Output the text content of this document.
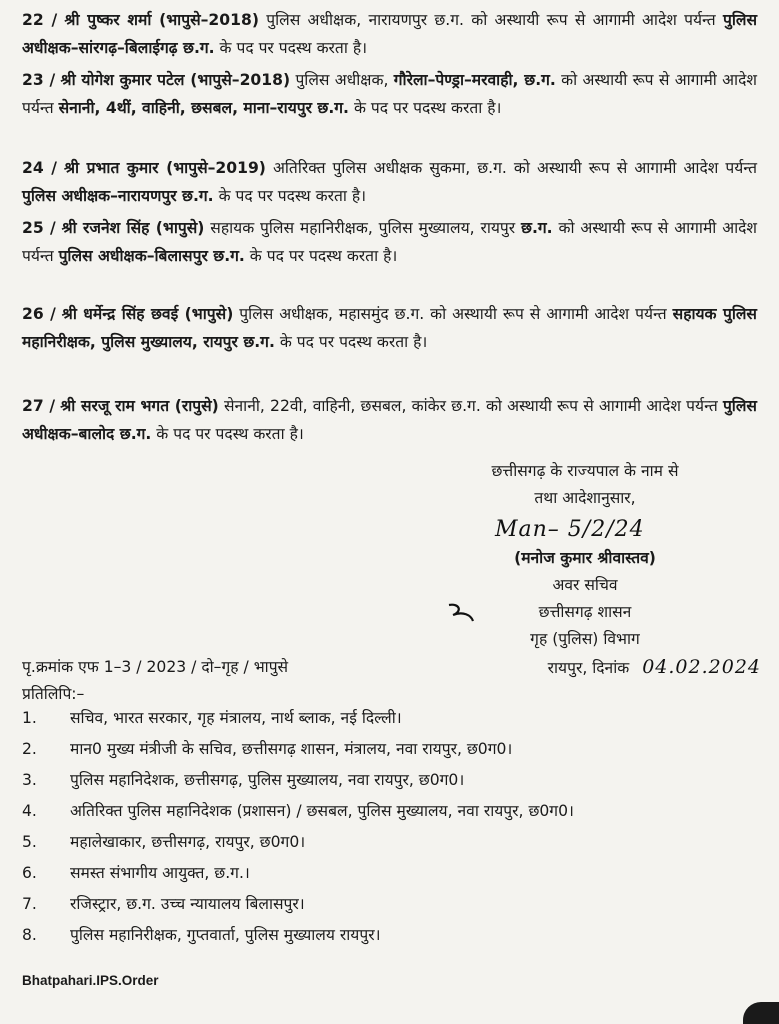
22 / श्री पुष्कर शर्मा (भापुसे–2018) पुलिस अधीक्षक, नारायणपुर छ.ग. को अस्थायी रूप से आगामी आदेश पर्यन्त पुलिस अधीक्षक–सांरगढ़–बिलाईगढ़ छ.ग. के पद पर पदस्थ करता है।
23 / श्री योगेश कुमार पटेल (भापुसे–2018) पुलिस अधीक्षक, गौरेला–पेण्ड्रा–मरवाही, छ.ग. को अस्थायी रूप से आगामी आदेश पर्यन्त सेनानी, 4थीं, वाहिनी, छसबल, माना–रायपुर छ.ग. के पद पर पदस्थ करता है।
24 / श्री प्रभात कुमार (भापुसे–2019) अतिरिक्त पुलिस अधीक्षक सुकमा, छ.ग. को अस्थायी रूप से आगामी आदेश पर्यन्त पुलिस अधीक्षक–नारायणपुर छ.ग. के पद पर पदस्थ करता है।
25 / श्री रजनेश सिंह (भापुसे) सहायक पुलिस महानिरीक्षक, पुलिस मुख्यालय, रायपुर छ.ग. को अस्थायी रूप से आगामी आदेश पर्यन्त पुलिस अधीक्षक–बिलासपुर छ.ग. के पद पर पदस्थ करता है।
26 / श्री धर्मेन्द्र सिंह छवई (भापुसे) पुलिस अधीक्षक, महासमुंद छ.ग. को अस्थायी रूप से आगामी आदेश पर्यन्त सहायक पुलिस महानिरीक्षक, पुलिस मुख्यालय, रायपुर छ.ग. के पद पर पदस्थ करता है।
27 / श्री सरजू राम भगत (रापुसे) सेनानी, 22वी, वाहिनी, छसबल, कांकेर छ.ग. को अस्थायी रूप से आगामी आदेश पर्यन्त पुलिस अधीक्षक–बालोद छ.ग. के पद पर पदस्थ करता है।
छत्तीसगढ़ के राज्यपाल के नाम से
तथा आदेशानुसार,
Man– 5/2/24
(मनोज कुमार श्रीवास्तव)
अवर सचिव
छत्तीसगढ़ शासन
गृह (पुलिस) विभाग
पृ.क्रमांक एफ 1–3 / 2023 / दो–गृह / भापुसे	रायपुर, दिनांक 04.02.2024
प्रतिलिपि:–
1.	सचिव, भारत सरकार, गृह मंत्रालय, नार्थ ब्लाक, नई दिल्ली।
2.	मान0 मुख्य मंत्रीजी के सचिव, छत्तीसगढ़ शासन, मंत्रालय, नवा रायपुर, छ0ग0।
3.	पुलिस महानिदेशक, छत्तीसगढ़, पुलिस मुख्यालय, नवा रायपुर, छ0ग0।
4.	अतिरिक्त पुलिस महानिदेशक (प्रशासन) / छसबल, पुलिस मुख्यालय, नवा रायपुर, छ0ग0।
5.	महालेखाकार, छत्तीसगढ़, रायपुर, छ0ग0।
6.	समस्त संभागीय आयुक्त, छ.ग.।
7.	रजिस्ट्रार, छ.ग. उच्च न्यायालय बिलासपुर।
8.	पुलिस महानिरीक्षक, गुप्तवार्ता, पुलिस मुख्यालय रायपुर।
Bhatpahari.IPS.Order
